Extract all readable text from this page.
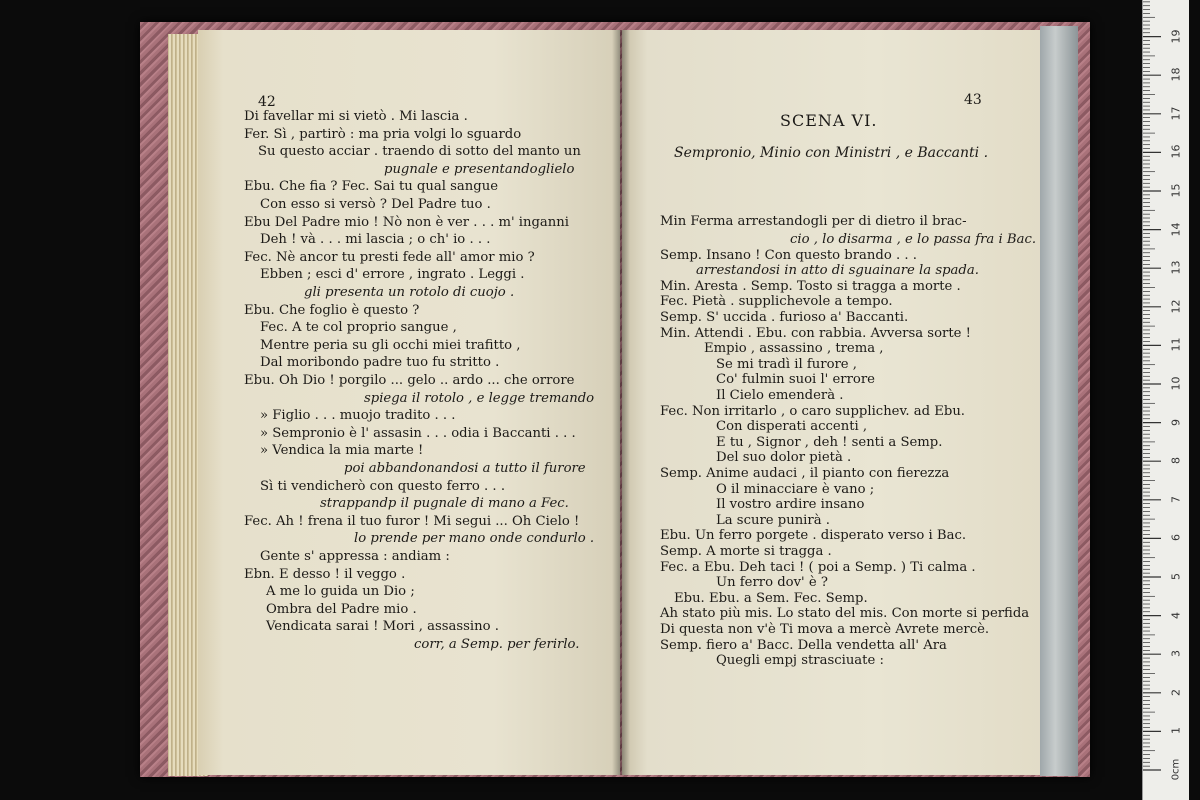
42
Di favellar mi si vietò . Mi lascia .
Fer. Sì , partirò : ma pria volgi lo sguardo
Su questo acciar . traendo di sotto del manto un
pugnale e presentandoglielo
Ebu. Che fia ? Fec. Sai tu qual sangue
Con esso si versò ? Del Padre tuo .
Ebu Del Padre mio ! Nò non è ver . . . m' inganni
Deh ! và . . . mi lascia ; o ch' io . . .
Fec. Nè ancor tu presti fede all' amor mio ?
Ebben ; esci d' errore , ingrato . Leggi .
gli presenta un rotolo di cuojo .
Ebu. Che foglio è questo ?
Fec. A te col proprio sangue ,
Mentre peria su gli occhi miei trafitto ,
Dal moribondo padre tuo fu stritto .
Ebu. Oh Dio ! porgilo ... gelo .. ardo ... che orrore
spiega il rotolo , e legge tremando
» Figlio . . . muojo tradito . . .
» Sempronio è l' assasin . . . odia i Baccanti . . .
» Vendica la mia marte !
poi abbandonandosi a tutto il furore
Sì ti vendicherò con questo ferro . . .
strappandp il pugnale di mano a Fec.
Fec. Ah ! frena il tuo furor ! Mi segui ... Oh Cielo !
lo prende per mano onde condurlo .
Gente s' appressa : andiam :
Ebn. E desso ! il veggo .
A me lo guida un Dio ;
Ombra del Padre mio .
Vendicata sarai ! Mori , assassino .
corr, a Semp. per ferirlo.
43
SCENA VI.
Sempronio, Minio con Ministri , e Baccanti .
Min Ferma arrestandogli per di dietro il brac-
cio , lo disarma , e lo passa fra i Bac.
Semp. Insano ! Con questo brando . . .
arrestandosi in atto di sguainare la spada.
Min. Aresta . Semp. Tosto si tragga a morte .
Fec. Pietà . supplichevole a tempo.
Semp. S' uccida . furioso a' Baccanti.
Min. Attendi . Ebu. con rabbia. Avversa sorte !
Empio , assassino , trema ,
Se mi tradì il furore ,
Co' fulmin suoi l' errore
Il Cielo emenderà .
Fec. Non irritarlo , o caro supplichev. ad Ebu.
Con disperati accenti ,
E tu , Signor , deh ! senti a Semp.
Del suo dolor pietà .
Semp. Anime audaci , il pianto con fierezza
O il minacciare è vano ;
Il vostro ardire insano
La scure punirà .
Ebu. Un ferro porgete . disperato verso i Bac.
Semp. A morte si tragga .
Fec. a Ebu. Deh taci ! ( poi a Semp. ) Ti calma .
Un ferro dov' è ?
Ebu. Ebu. a Sem. Fec. Semp.
Ah stato più mis. Lo stato del mis. Con morte si perfida
Di questa non v'è Ti mova a mercè Avrete mercè.
Semp. fiero a' Bacc. Della vendetta all' Ara
Quegli empj strasciuate :
19
18
17
16
15
14
13
12
11
10
9
8
7
6
5
4
3
2
1
0cm
